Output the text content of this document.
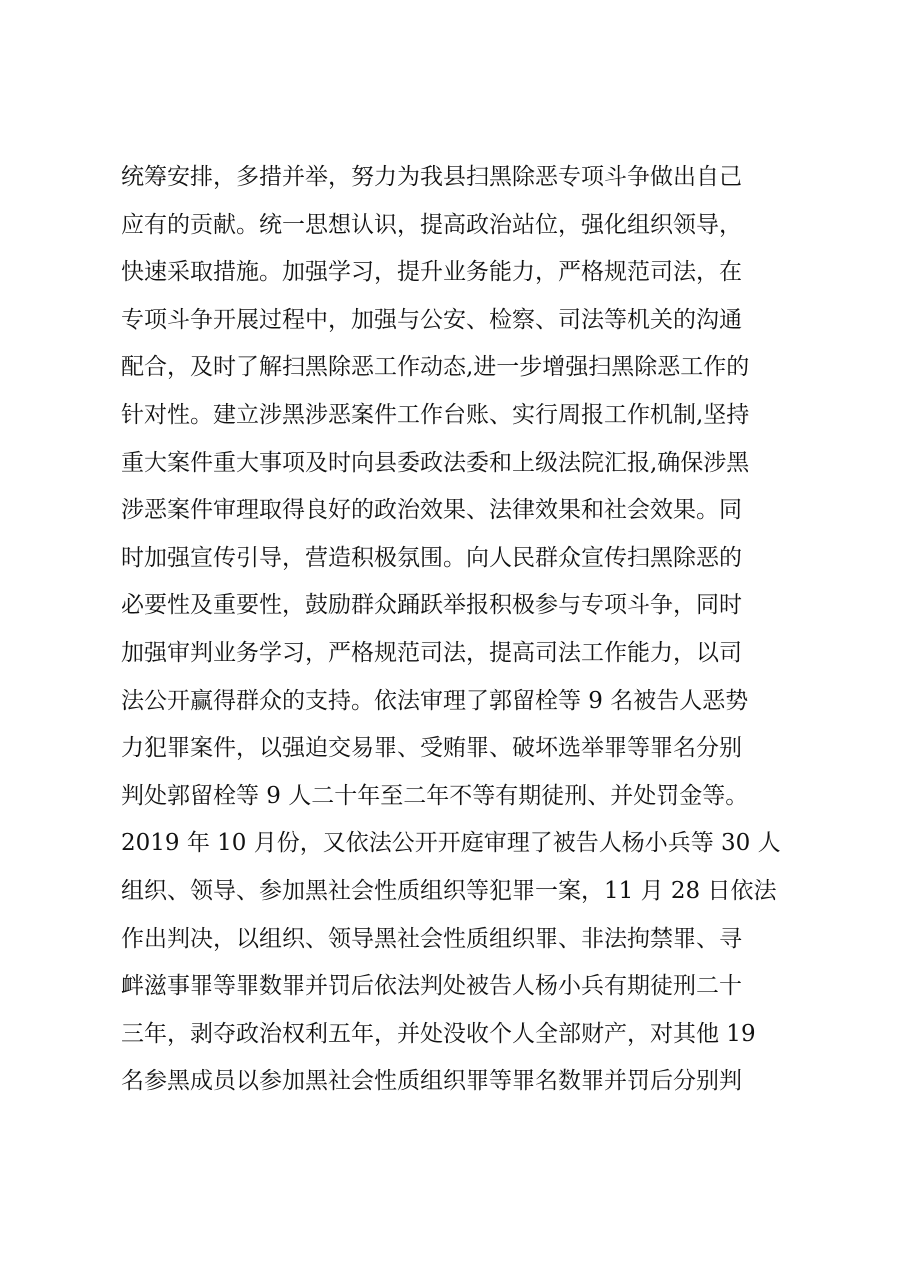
统筹安排，多措并举，努力为我县扫黑除恶专项斗争做出自己
应有的贡献。统一思想认识，提高政治站位，强化组织领导，
快速采取措施。加强学习，提升业务能力，严格规范司法，在
专项斗争开展过程中，加强与公安、检察、司法等机关的沟通
配合，及时了解扫黑除恶工作动态,进一步增强扫黑除恶工作的
针对性。建立涉黑涉恶案件工作台账、实行周报工作机制,坚持
重大案件重大事项及时向县委政法委和上级法院汇报,确保涉黑
涉恶案件审理取得良好的政治效果、法律效果和社会效果。同
时加强宣传引导，营造积极氛围。向人民群众宣传扫黑除恶的
必要性及重要性，鼓励群众踊跃举报积极参与专项斗争，同时
加强审判业务学习，严格规范司法，提高司法工作能力，以司
法公开赢得群众的支持。依法审理了郭留栓等 9 名被告人恶势
力犯罪案件，以强迫交易罪、受贿罪、破坏选举罪等罪名分别
判处郭留栓等 9 人二十年至二年不等有期徒刑、并处罚金等。
2019 年 10 月份，又依法公开开庭审理了被告人杨小兵等 30 人
组织、领导、参加黑社会性质组织等犯罪一案，11 月 28 日依法
作出判决，以组织、领导黑社会性质组织罪、非法拘禁罪、寻
衅滋事罪等罪数罪并罚后依法判处被告人杨小兵有期徒刑二十
三年，剥夺政治权利五年，并处没收个人全部财产，对其他 19
名参黑成员以参加黑社会性质组织罪等罪名数罪并罚后分别判
